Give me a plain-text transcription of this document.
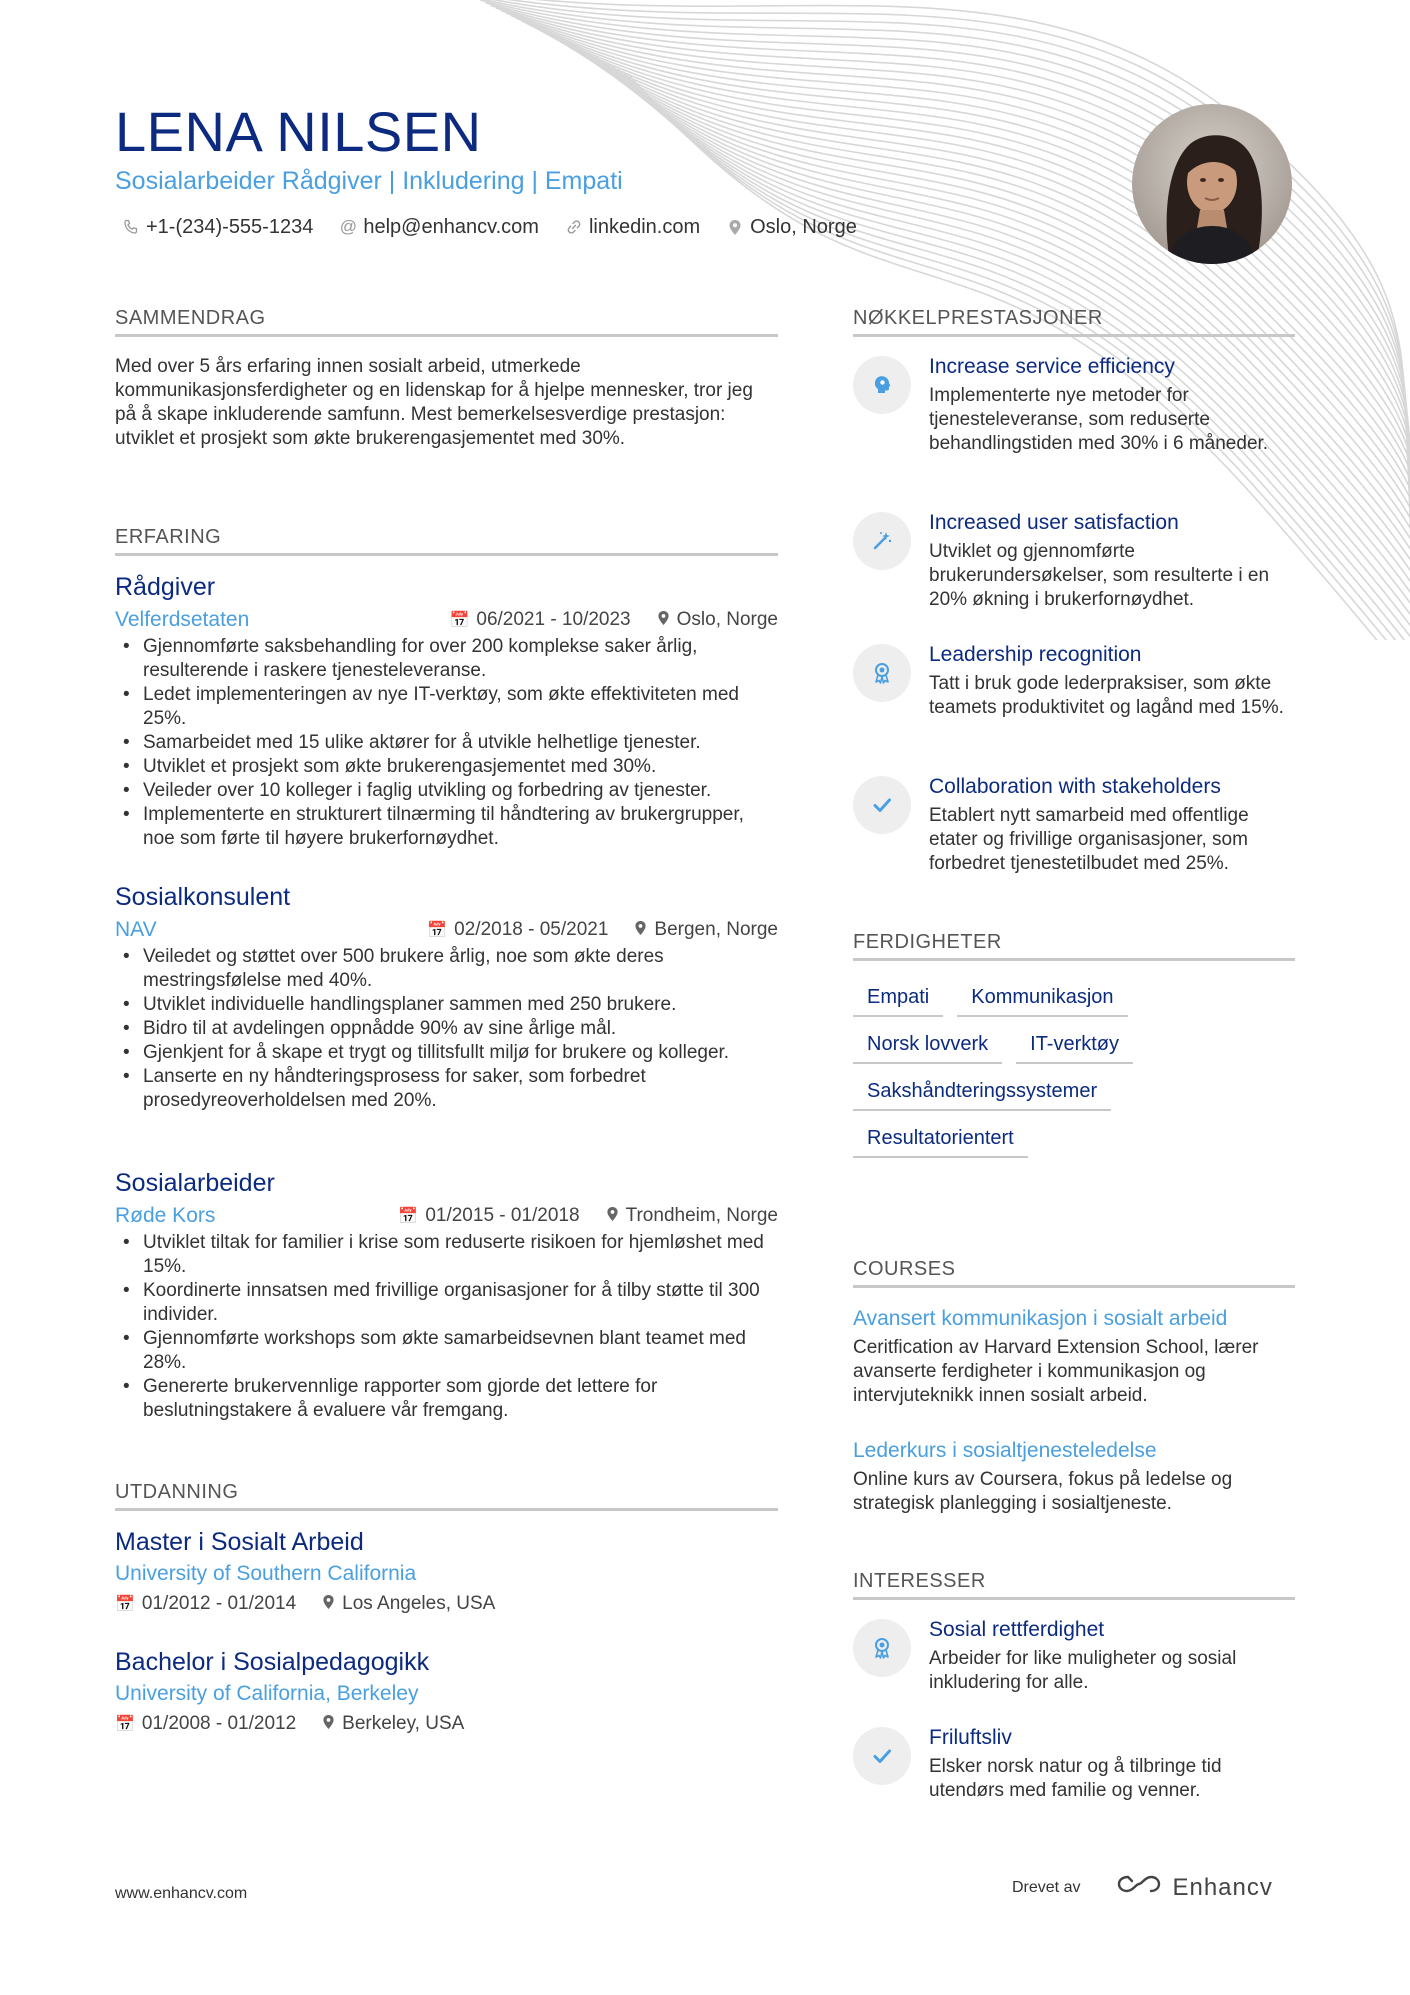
LENA NILSEN
Sosialarbeider Rådgiver | Inkludering | Empati
+1-(234)-555-1234 @ help@enhancv.com	linkedin.com	Oslo, Norge
SAMMENDRAG

Med over 5 års erfaring innen sosialt arbeid, utmerkede kommunikasjonsferdigheter og en lidenskap for å hjelpe mennesker, tror jeg på å skape inkluderende samfunn. Mest bemerkelsesverdige prestasjon: utviklet et prosjekt som økte brukerengasjementet med 30%.

ERFARING
Rådgiver
Velferdsetaten	📅 06/2021 - 10/2023 Oslo, Norge
• Gjennomførte saksbehandling for over 200 komplekse saker årlig, resulterende i raskere tjenesteleveranse.
• Ledet implementeringen av nye IT-verktøy, som økte effektiviteten med 25%.
• Samarbeidet med 15 ulike aktører for å utvikle helhetlige tjenester.
• Utviklet et prosjekt som økte brukerengasjementet med 30%.
• Veileder over 10 kolleger i faglig utvikling og forbedring av tjenester.
• Implementerte en strukturert tilnærming til håndtering av brukergrupper, noe som førte til høyere brukerfornøydhet.
Sosialkonsulent
NAV	📅 02/2018 - 05/2021 Bergen, Norge
• Veiledet og støttet over 500 brukere årlig, noe som økte deres mestringsfølelse med 40%.
• Utviklet individuelle handlingsplaner sammen med 250 brukere.
• Bidro til at avdelingen oppnådde 90% av sine årlige mål.
• Gjenkjent for å skape et trygt og tillitsfullt miljø for brukere og kolleger.
• Lanserte en ny håndteringsprosess for saker, som forbedret prosedyreoverholdelsen med 20%.
Sosialarbeider
Røde Kors	📅 01/2015 - 01/2018 Trondheim, Norge
• Utviklet tiltak for familier i krise som reduserte risikoen for hjemløshet med 15%.
• Koordinerte innsatsen med frivillige organisasjoner for å tilby støtte til 300 individer.
• Gjennomførte workshops som økte samarbeidsevnen blant teamet med 28%.
• Genererte brukervennlige rapporter som gjorde det lettere for beslutningstakere å evaluere vår fremgang.
UTDANNING
Master i Sosialt Arbeid
University of Southern California
📅 01/2012 - 01/2014 Los Angeles, USA
Bachelor i Sosialpedagogikk
University of California, Berkeley
📅 01/2008 - 01/2012 Berkeley, USA
NØKKELPRESTASJONER
Increase service efficiency
Implementerte nye metoder for tjenesteleveranse, som reduserte behandlingstiden med 30% i 6 måneder.
Increased user satisfaction
Utviklet og gjennomførte brukerundersøkelser, som resulterte i en 20% økning i brukerfornøydhet.
Leadership recognition
Tatt i bruk gode lederpraksiser, som økte teamets produktivitet og lagånd med 15%.
Collaboration with stakeholders
Etablert nytt samarbeid med offentlige etater og frivillige organisasjoner, som forbedret tjenestetilbudet med 25%.
FERDIGHETER
Empati	Kommunikasjon
Norsk lovverk	IT-verktøy
Sakshåndteringssystemer
Resultatorientert
COURSES
Avansert kommunikasjon i sosialt arbeid
Ceritfication av Harvard Extension School, lærer avanserte ferdigheter i kommunikasjon og intervjuteknikk innen sosialt arbeid.
Lederkurs i sosialtjenesteledelse
Online kurs av Coursera, fokus på ledelse og strategisk planlegging i sosialtjeneste.
INTERESSER
Sosial rettferdighet
Arbeider for like muligheter og sosial inkludering for alle.
Friluftsliv
Elsker norsk natur og å tilbringe tid utendørs med familie og venner.
www.enhancv.com	Drevet av	Enhancv
